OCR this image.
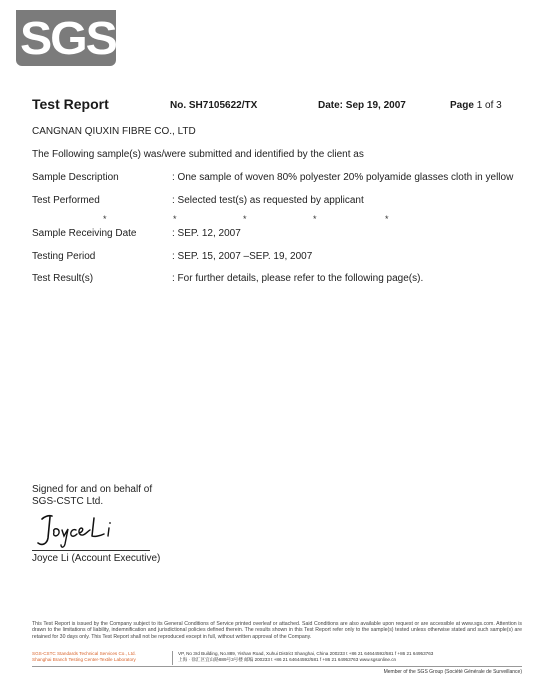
SGS
Test Report	No. SH7105622/TX	Date: Sep 19, 2007	Page 1 of 3
CANGNAN QIUXIN FIBRE CO., LTD
The Following sample(s) was/were submitted and identified by the client as
Sample Description	: One sample of woven 80% polyester 20% polyamide glasses cloth in yellow
Test Performed	: Selected test(s) as requested by applicant
*	*	*	*	*
Sample Receiving Date	: SEP. 12, 2007
Testing Period	: SEP. 15, 2007 –SEP. 19, 2007
Test Result(s)	: For further details, please refer to the following page(s).
Signed for and on behalf of
SGS-CSTC Ltd.
Joyce Li (Account Executive)
This Test Report is issued by the Company subject to its General Conditions of Service printed overleaf or attached. Said Conditions are also available upon request or are accessible at www.sgs.com. Attention is drawn to the limitations of liability, indemnification and jurisdictional policies defined therein. The results shown in this Test Report refer only to the sample(s) tested unless otherwise stated and such sample(s) are retained for 30 days only. This Test Report shall not be reproduced except in full, without written approval of the Company.
SGS-CSTC Standards Technical Services Co., Ltd.
Shanghai Branch Testing Center-Textile Laboratory
VP, No 3rd Building, No.889, Yishan Road, Xuhui District Shanghai, China 200233 t +86 21 64644592/581 f +86 21 64953763
上海 · 徐汇区宜山路889号3号楼 邮编 200233 t +86 21 64644592/581 f +86 21 64953763 www.sgsonline.cn
Member of the SGS Group (Société Générale de Surveillance)
